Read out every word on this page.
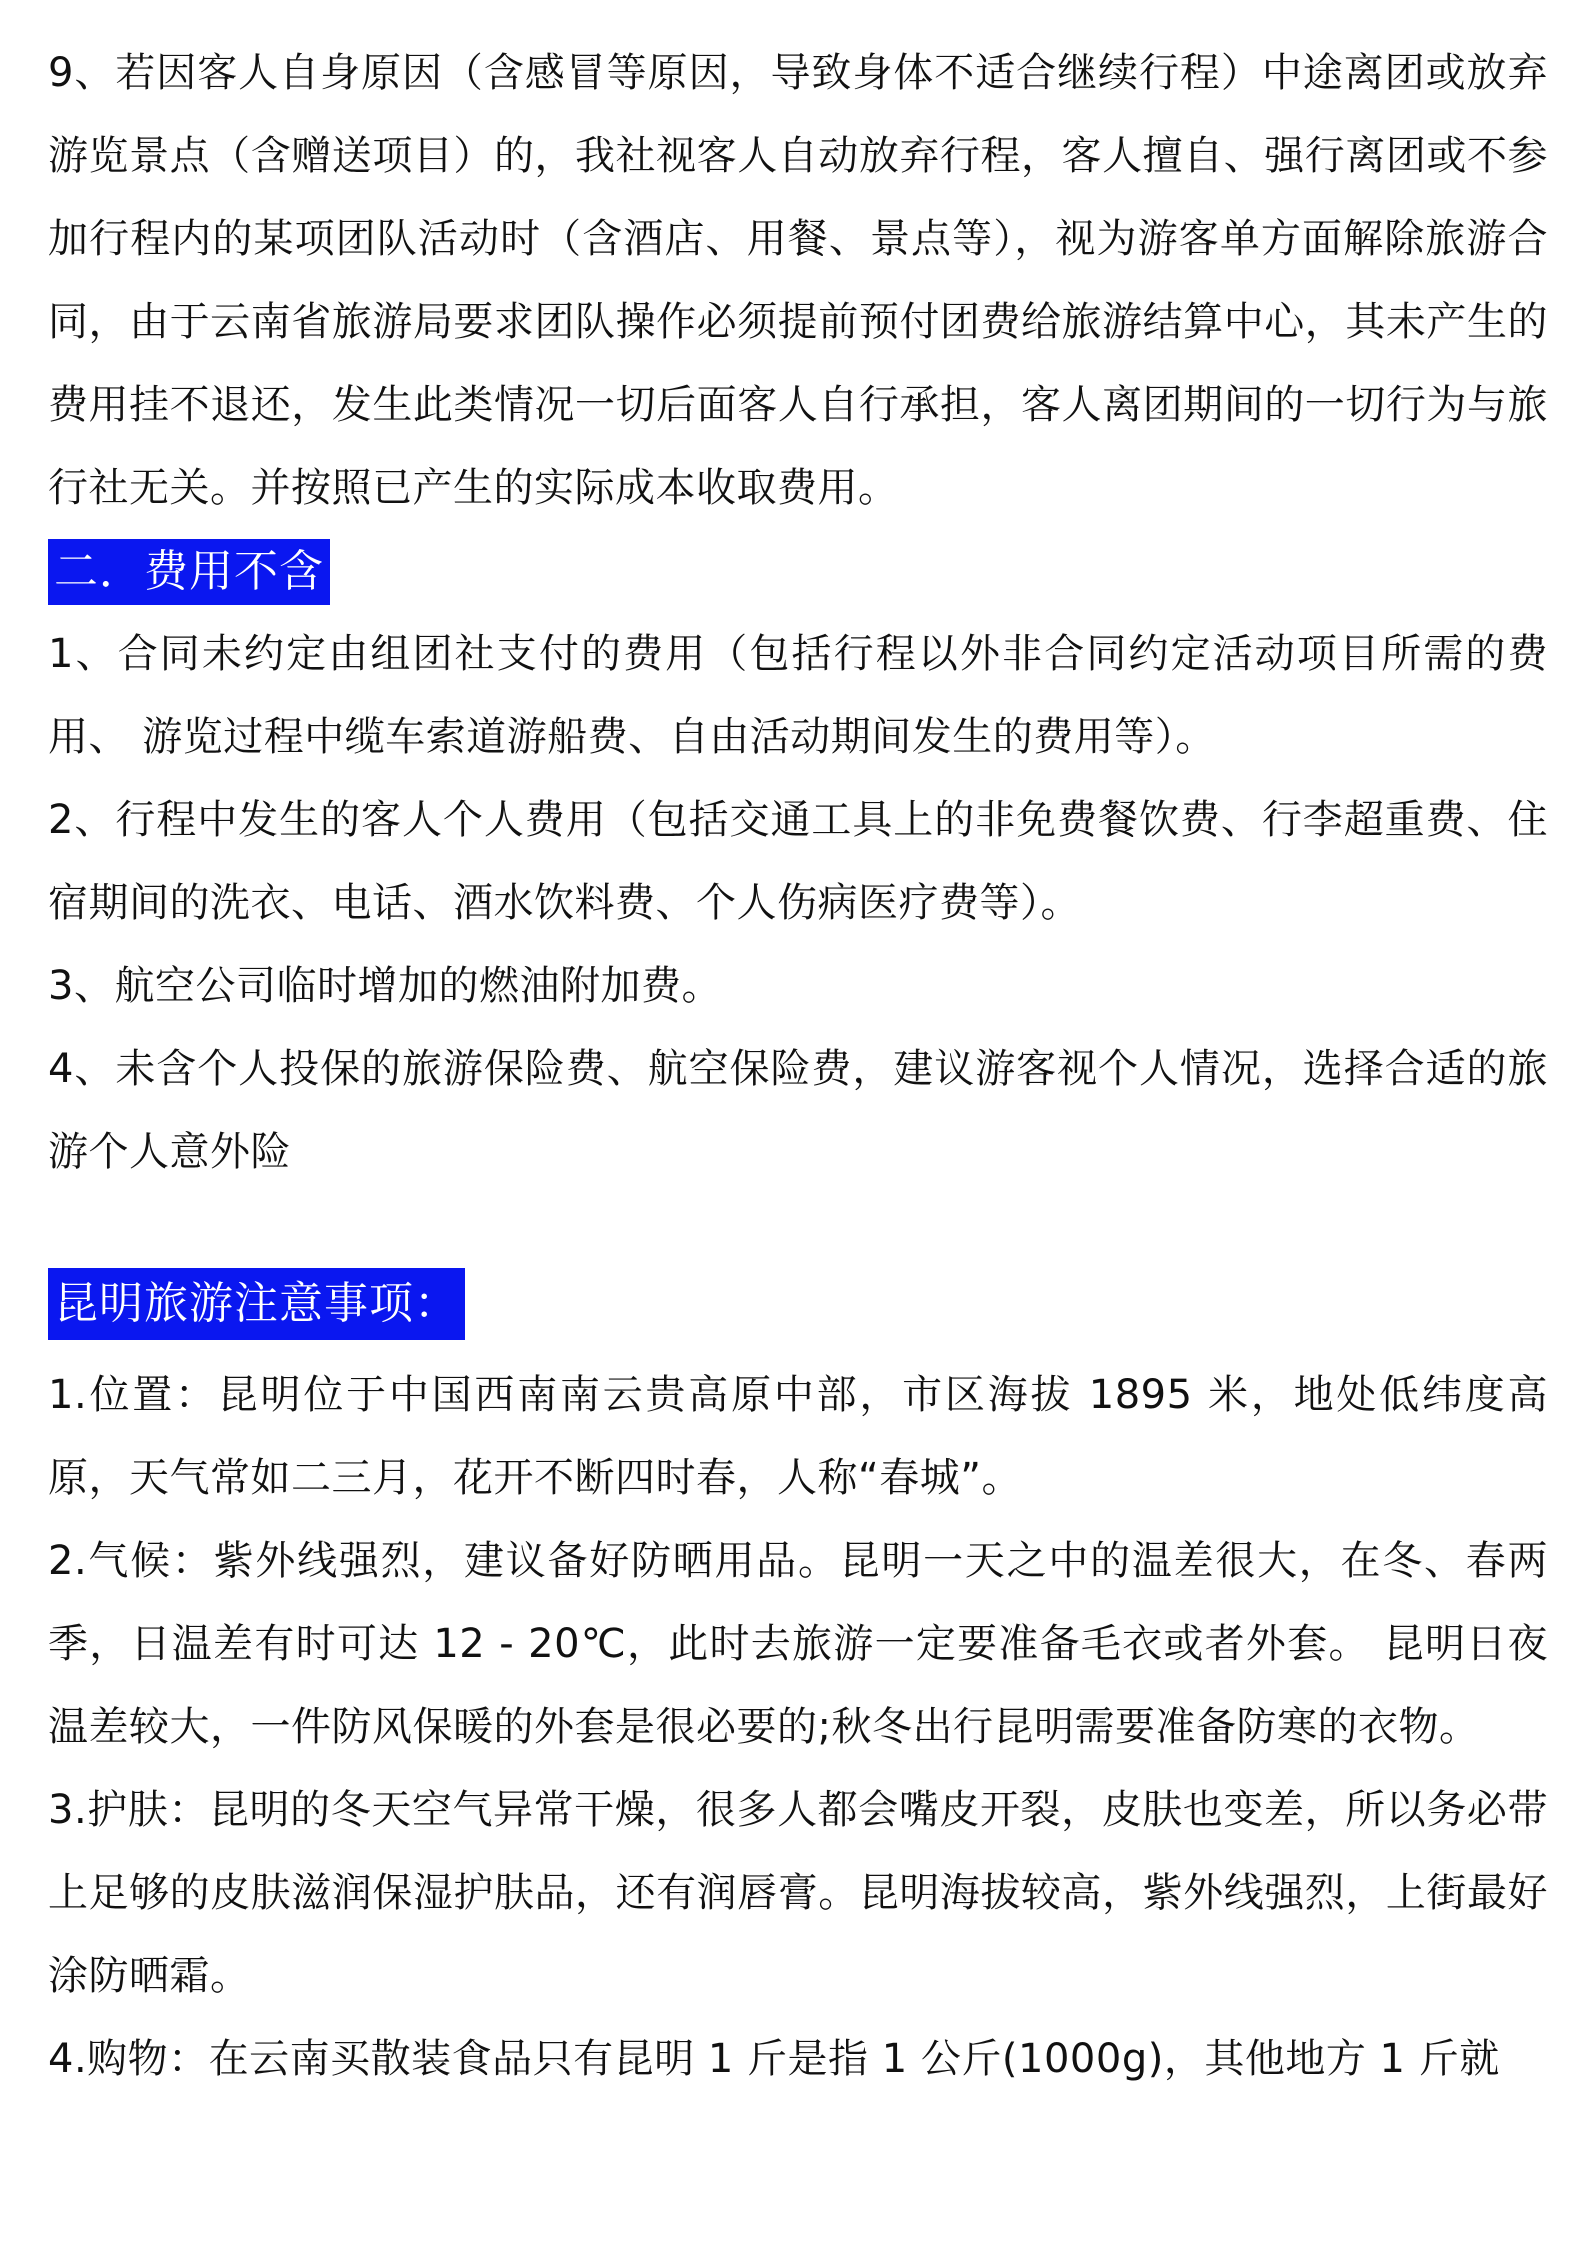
9、若因客人自身原因（含感冒等原因，导致身体不适合继续行程）中途离团或放弃游览景点（含赠送项目）的，我社视客人自动放弃行程，客人擅自、强行离团或不参加行程内的某项团队活动时（含酒店、用餐、景点等），视为游客单方面解除旅游合同，由于云南省旅游局要求团队操作必须提前预付团费给旅游结算中心，其未产生的费用挂不退还，发生此类情况一切后面客人自行承担，客人离团期间的一切行为与旅行社无关。并按照已产生的实际成本收取费用。

二．费用不含

1、合同未约定由组团社支付的费用（包括行程以外非合同约定活动项目所需的费用、 游览过程中缆车索道游船费、自由活动期间发生的费用等）。

2、行程中发生的客人个人费用（包括交通工具上的非免费餐饮费、行李超重费、住 宿期间的洗衣、电话、酒水饮料费、个人伤病医疗费等）。

3、航空公司临时增加的燃油附加费。

4、未含个人投保的旅游保险费、航空保险费，建议游客视个人情况，选择合适的旅 游个人意外险

昆明旅游注意事项：

1.位置：昆明位于中国西南南云贵高原中部，市区海拔 1895 米，地处低纬度高原，天气常如二三月，花开不断四时春，人称“春城”。

2.气候：紫外线强烈，建议备好防晒用品。昆明一天之中的温差很大，在冬、春两季，日温差有时可达 12 - 20℃，此时去旅游一定要准备毛衣或者外套。 昆明日夜温差较大，一件防风保暖的外套是很必要的;秋冬出行昆明需要准备防寒的衣物。

3.护肤：昆明的冬天空气异常干燥，很多人都会嘴皮开裂，皮肤也变差，所以务必带上足够的皮肤滋润保湿护肤品，还有润唇膏。昆明海拔较高，紫外线强烈，上街最好涂防晒霜。

4.购物：在云南买散装食品只有昆明 1 斤是指 1 公斤(1000g)，其他地方 1 斤就
